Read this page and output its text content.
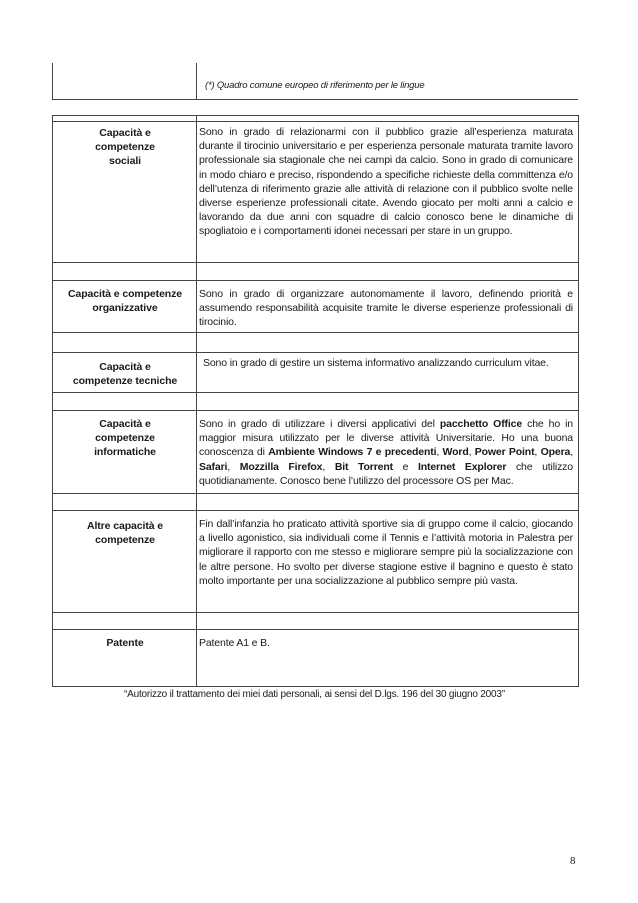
(*) Quadro comune europeo di riferimento per le lingue
Capacità e competenze sociali
Sono in grado di relazionarmi con il pubblico grazie all’esperienza maturata durante il tirocinio universitario e per esperienza personale maturata tramite lavoro professionale sia stagionale che nei campi da calcio. Sono in grado di comunicare in modo chiaro e preciso, rispondendo a specifiche richieste della committenza e/o dell’utenza di riferimento grazie alle attività di relazione con il pubblico svolte nelle diverse esperienze professionali citate. Avendo giocato per molti anni a calcio e lavorando da due anni con squadre di calcio conosco bene le dinamiche di spogliatoio e i comportamenti idonei necessari per stare in un gruppo.
Capacità e competenze organizzative
Sono in grado di organizzare autonomamente il lavoro, definendo priorità e assumendo responsabilità acquisite tramite le diverse esperienze professionali di tirocinio.
Capacità e competenze tecniche
Sono in grado di gestire un sistema informativo analizzando curriculum vitae.
Capacità e competenze informatiche
Sono in grado di utilizzare i diversi applicativi del pacchetto Office che ho in maggior misura utilizzato per le diverse attività Universitarie. Ho una buona conoscenza di Ambiente Windows 7 e precedenti, Word, Power Point, Opera, Safari, Mozzilla Firefox, Bit Torrent e Internet Explorer che utilizzo quotidianamente. Conosco bene l’utilizzo del processore OS per Mac.
Altre capacità e competenze
Fin dall’infanzia ho praticato attività sportive sia di gruppo come il calcio, giocando a livello agonistico, sia individuali come il Tennis e l’attività motoria in Palestra per migliorare il rapporto con me stesso e migliorare sempre più la socializzazione con le altre persone. Ho svolto per diverse stagione estive il bagnino e questo è stato molto importante per una socializzazione al pubblico sempre più vasta.
Patente	Patente A1 e B.
“Autorizzo il trattamento dei miei dati personali, ai sensi del D.lgs. 196 del 30 giugno 2003”
8
